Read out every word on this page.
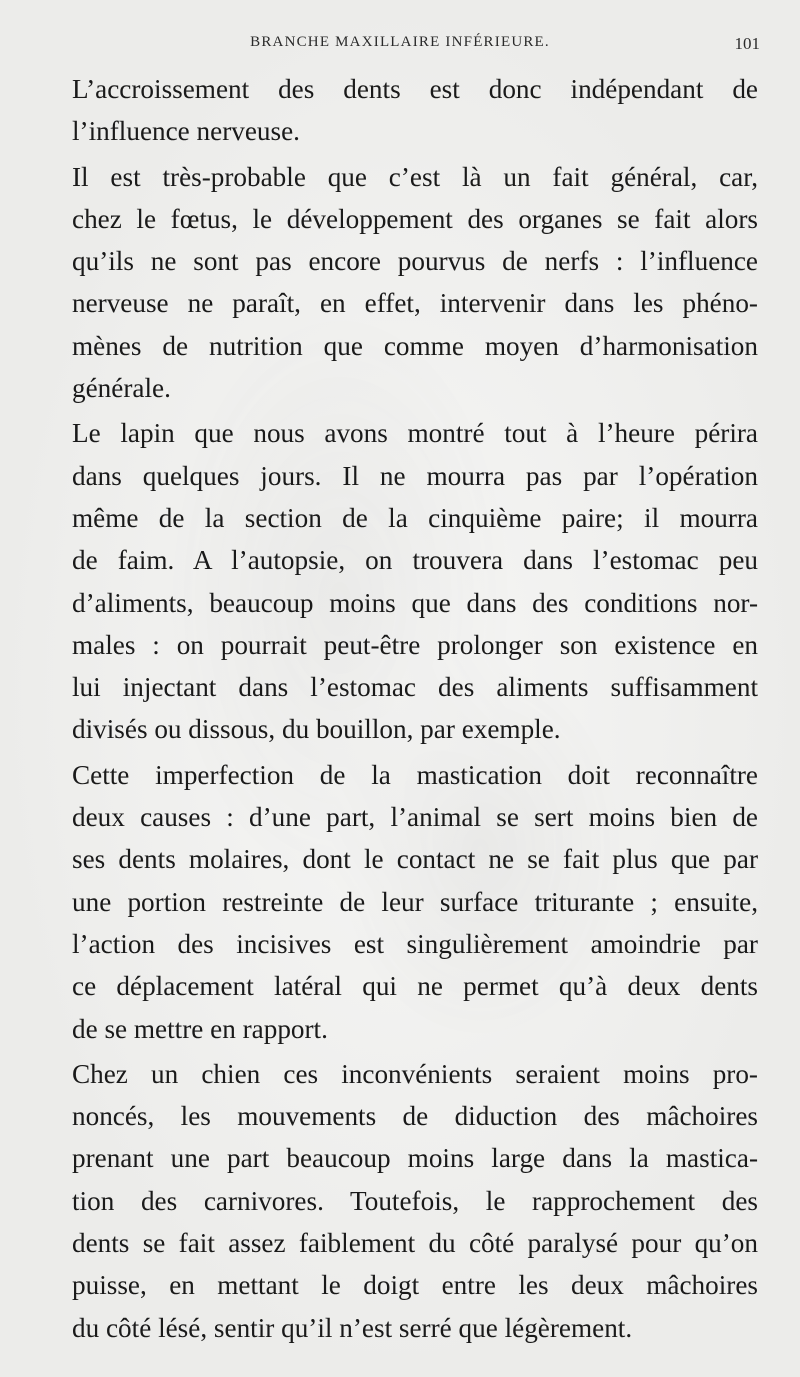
BRANCHE MAXILLAIRE INFÉRIEURE.	101
L’accroissement des dents est donc indépendant de
l’influence nerveuse.
Il est très-probable que c’est là un fait général, car,
chez le fœtus, le développement des organes se fait alors
qu’ils ne sont pas encore pourvus de nerfs : l’influence
nerveuse ne paraît, en effet, intervenir dans les phéno-
mènes de nutrition que comme moyen d’harmonisation
générale.
Le lapin que nous avons montré tout à l’heure périra
dans quelques jours. Il ne mourra pas par l’opération
même de la section de la cinquième paire; il mourra
de faim. A l’autopsie, on trouvera dans l’estomac peu
d’aliments, beaucoup moins que dans des conditions nor-
males : on pourrait peut-être prolonger son existence en
lui injectant dans l’estomac des aliments suffisamment
divisés ou dissous, du bouillon, par exemple.
Cette imperfection de la mastication doit reconnaître
deux causes : d’une part, l’animal se sert moins bien de
ses dents molaires, dont le contact ne se fait plus que par
une portion restreinte de leur surface triturante ; ensuite,
l’action des incisives est singulièrement amoindrie par
ce déplacement latéral qui ne permet qu’à deux dents
de se mettre en rapport.
Chez un chien ces inconvénients seraient moins pro-
noncés, les mouvements de diduction des mâchoires
prenant une part beaucoup moins large dans la mastica-
tion des carnivores. Toutefois, le rapprochement des
dents se fait assez faiblement du côté paralysé pour qu’on
puisse, en mettant le doigt entre les deux mâchoires
du côté lésé, sentir qu’il n’est serré que légèrement.
